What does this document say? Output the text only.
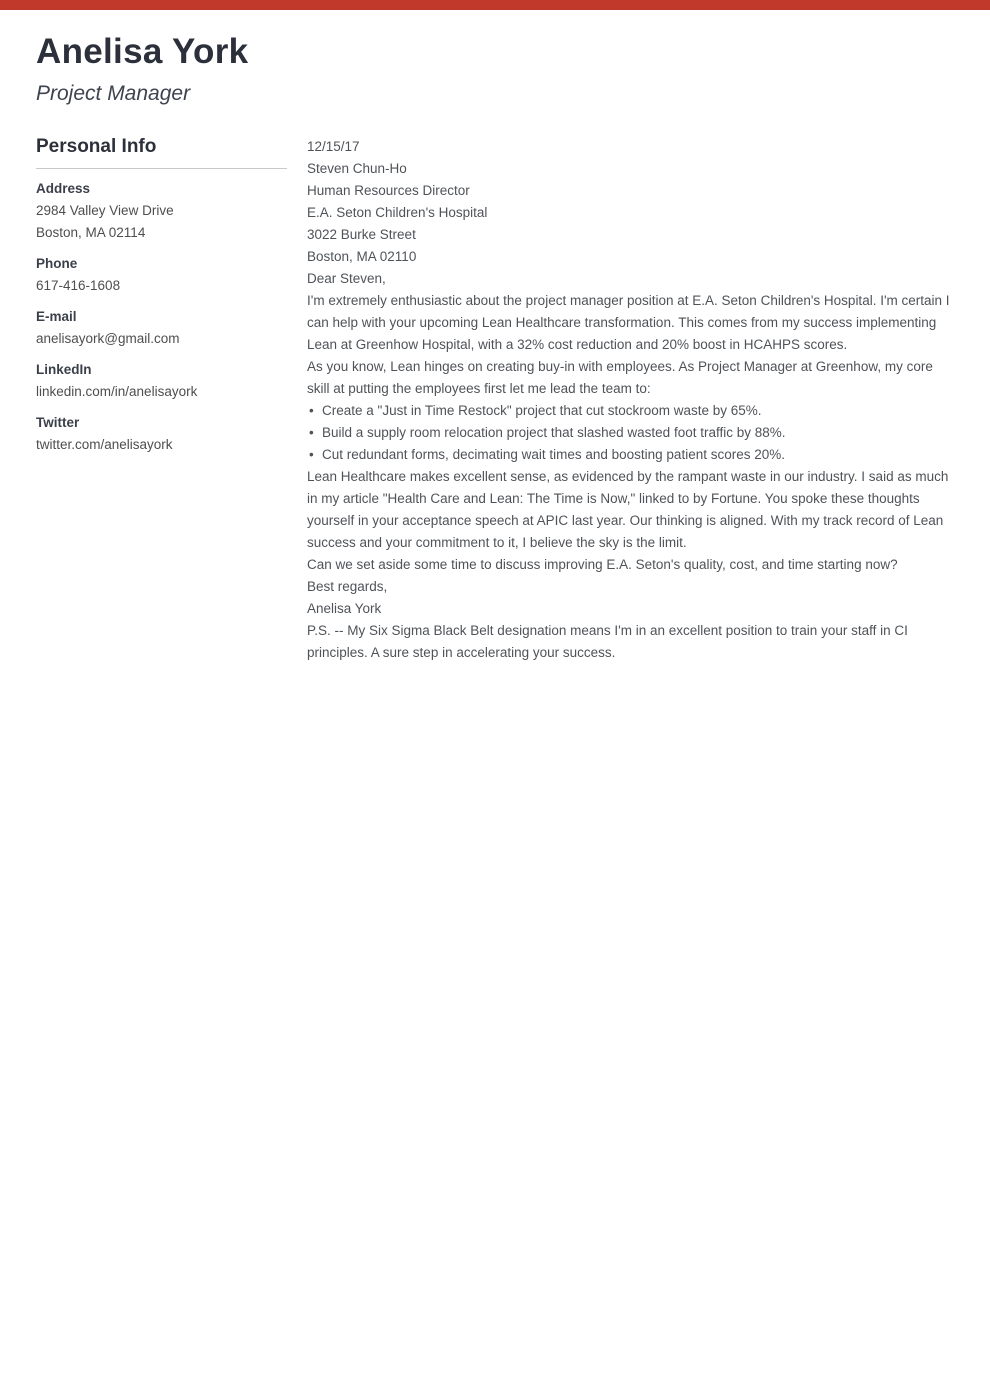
Anelisa York
Project Manager
Personal Info
Address
2984 Valley View Drive
Boston, MA 02114
Phone
617-416-1608
E-mail
anelisayork@gmail.com
LinkedIn
linkedin.com/in/anelisayork
Twitter
twitter.com/anelisayork
12/15/17
Steven Chun-Ho
Human Resources Director
E.A. Seton Children's Hospital
3022 Burke Street
Boston, MA 02110

Dear Steven,

I'm extremely enthusiastic about the project manager position at E.A. Seton Children's Hospital. I'm certain I can help with your upcoming Lean Healthcare transformation. This comes from my success implementing Lean at Greenhow Hospital, with a 32% cost reduction and 20% boost in HCAHPS scores.

As you know, Lean hinges on creating buy-in with employees. As Project Manager at Greenhow, my core skill at putting the employees first let me lead the team to:

• Create a "Just in Time Restock" project that cut stockroom waste by 65%.
• Build a supply room relocation project that slashed wasted foot traffic by 88%.
• Cut redundant forms, decimating wait times and boosting patient scores 20%.

Lean Healthcare makes excellent sense, as evidenced by the rampant waste in our industry. I said as much in my article "Health Care and Lean: The Time is Now," linked to by Fortune. You spoke these thoughts yourself in your acceptance speech at APIC last year. Our thinking is aligned. With my track record of Lean success and your commitment to it, I believe the sky is the limit.

Can we set aside some time to discuss improving E.A. Seton's quality, cost, and time starting now?

Best regards,

Anelisa York

P.S. -- My Six Sigma Black Belt designation means I'm in an excellent position to train your staff in CI principles. A sure step in accelerating your success.
